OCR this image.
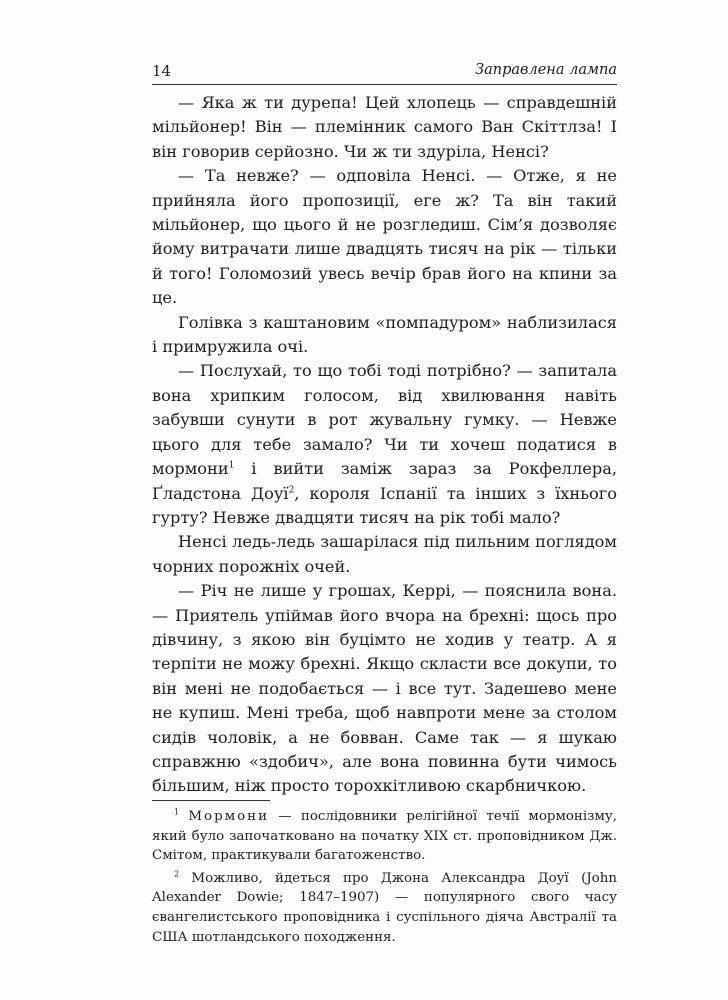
14	Заправлена лампа

— Яка ж ти дурепа! Цей хлопець — справдешній мільйонер! Він — племінник самого Ван Скіттлза! І він говорив серйозно. Чи ж ти здуріла, Ненсі?

— Та невже? — одповіла Ненсі. — Отже, я не прийняла його пропозиції, еге ж? Та він такий мільйонер, що цього й не розгледиш. Сім’я дозволяє йому витрачати лише двадцять тисяч на рік — тільки й того! Голомозий увесь вечір брав його на кпини за це.

Голівка з каштановим «помпадуром» наблизилася і примружила очі.

— Послухай, то що тобі тоді потрібно? — запитала вона хрипким голосом, від хвилювання навіть забувши сунути в рот жувальну гумку. — Невже цього для тебе замало? Чи ти хочеш податися в мормони$^1$ і вийти заміж зараз за Рокфеллера, Ґладстона Доуї$^2$, короля Іспанії та інших з їхнього гурту? Невже двадцяти тисяч на рік тобі мало?

Ненсі ледь-ледь зашарілася під пильним поглядом чорних порожніх очей.

— Річ не лише у грошах, Керрі, — пояснила вона. — Приятель упіймав його вчора на брехні: щось про дівчину, з якою він буцімто не ходив у театр. А я терпіти не можу брехні. Якщо скласти все докупи, то він мені не подобається — і все тут. Задешево мене не купиш. Мені треба, щоб навпроти мене за столом сидів чоловік, а не бовван. Саме так — я шукаю справжню «здобич», але вона повинна бути чимось більшим, ніж просто торохкітливою скарбничкою.

$^1$ Мормони — послідовники релігійної течії мормонізму, який було започатковано на початку XIX ст. проповідником Дж. Смітом, практикували багатоженство.

$^2$ Можливо, йдеться про Джона Александра Доуї (John Alexander Dowie; 1847–1907) — популярного свого часу євангелистського проповідника і суспільного діяча Австралії та США шотландського походження.
